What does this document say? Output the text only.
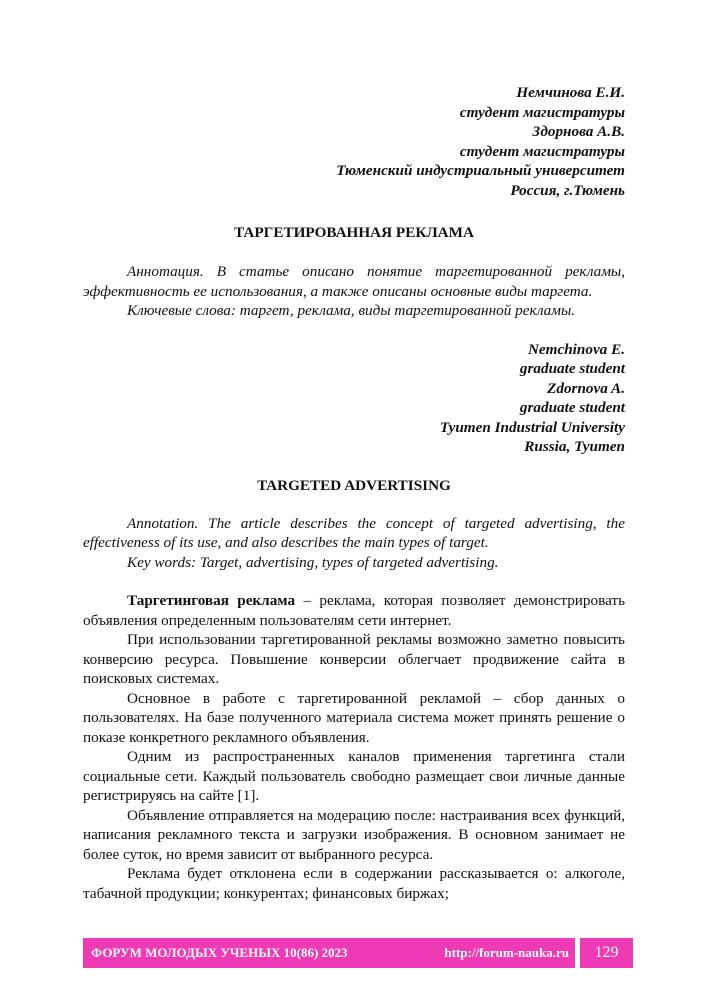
Немчинова Е.И.
студент магистратуры
Здорнова А.В.
студент магистратуры
Тюменский индустриальный университет
Россия, г.Тюмень
ТАРГЕТИРОВАННАЯ РЕКЛАМА

Аннотация. В статье описано понятие таргетированной рекламы, эффективность ее использования, а также описаны основные виды таргета.

Ключевые слова: таргет, реклама, виды таргетированной рекламы.

Nemchinova E.
graduate student
Zdornova A.
graduate student
Tyumen Industrial University
Russia, Tyumen
TARGETED ADVERTISING

Annotation. The article describes the concept of targeted advertising, the effectiveness of its use, and also describes the main types of target.

Key words: Target, advertising, types of targeted advertising.

Таргетинговая реклама – реклама, которая позволяет демонстрировать объявления определенным пользователям сети интернет.

При использовании таргетированной рекламы возможно заметно повысить конверсию ресурса. Повышение конверсии облегчает продвижение сайта в поисковых системах.

Основное в работе с таргетированной рекламой – сбор данных о пользователях. На базе полученного материала система может принять решение о показе конкретного рекламного объявления.

Одним из распространенных каналов применения таргетинга стали социальные сети. Каждый пользователь свободно размещает свои личные данные регистрируясь на сайте [1].

Объявление отправляется на модерацию после: настраивания всех функций, написания рекламного текста и загрузки изображения. В основном занимает не более суток, но время зависит от выбранного ресурса.

Реклама будет отклонена если в содержании рассказывается о: алкоголе, табачной продукции; конкурентах; финансовых биржах;

ФОРУМ МОЛОДЫХ УЧЕНЫХ 10(86) 2023	http://forum-nauka.ru	129
